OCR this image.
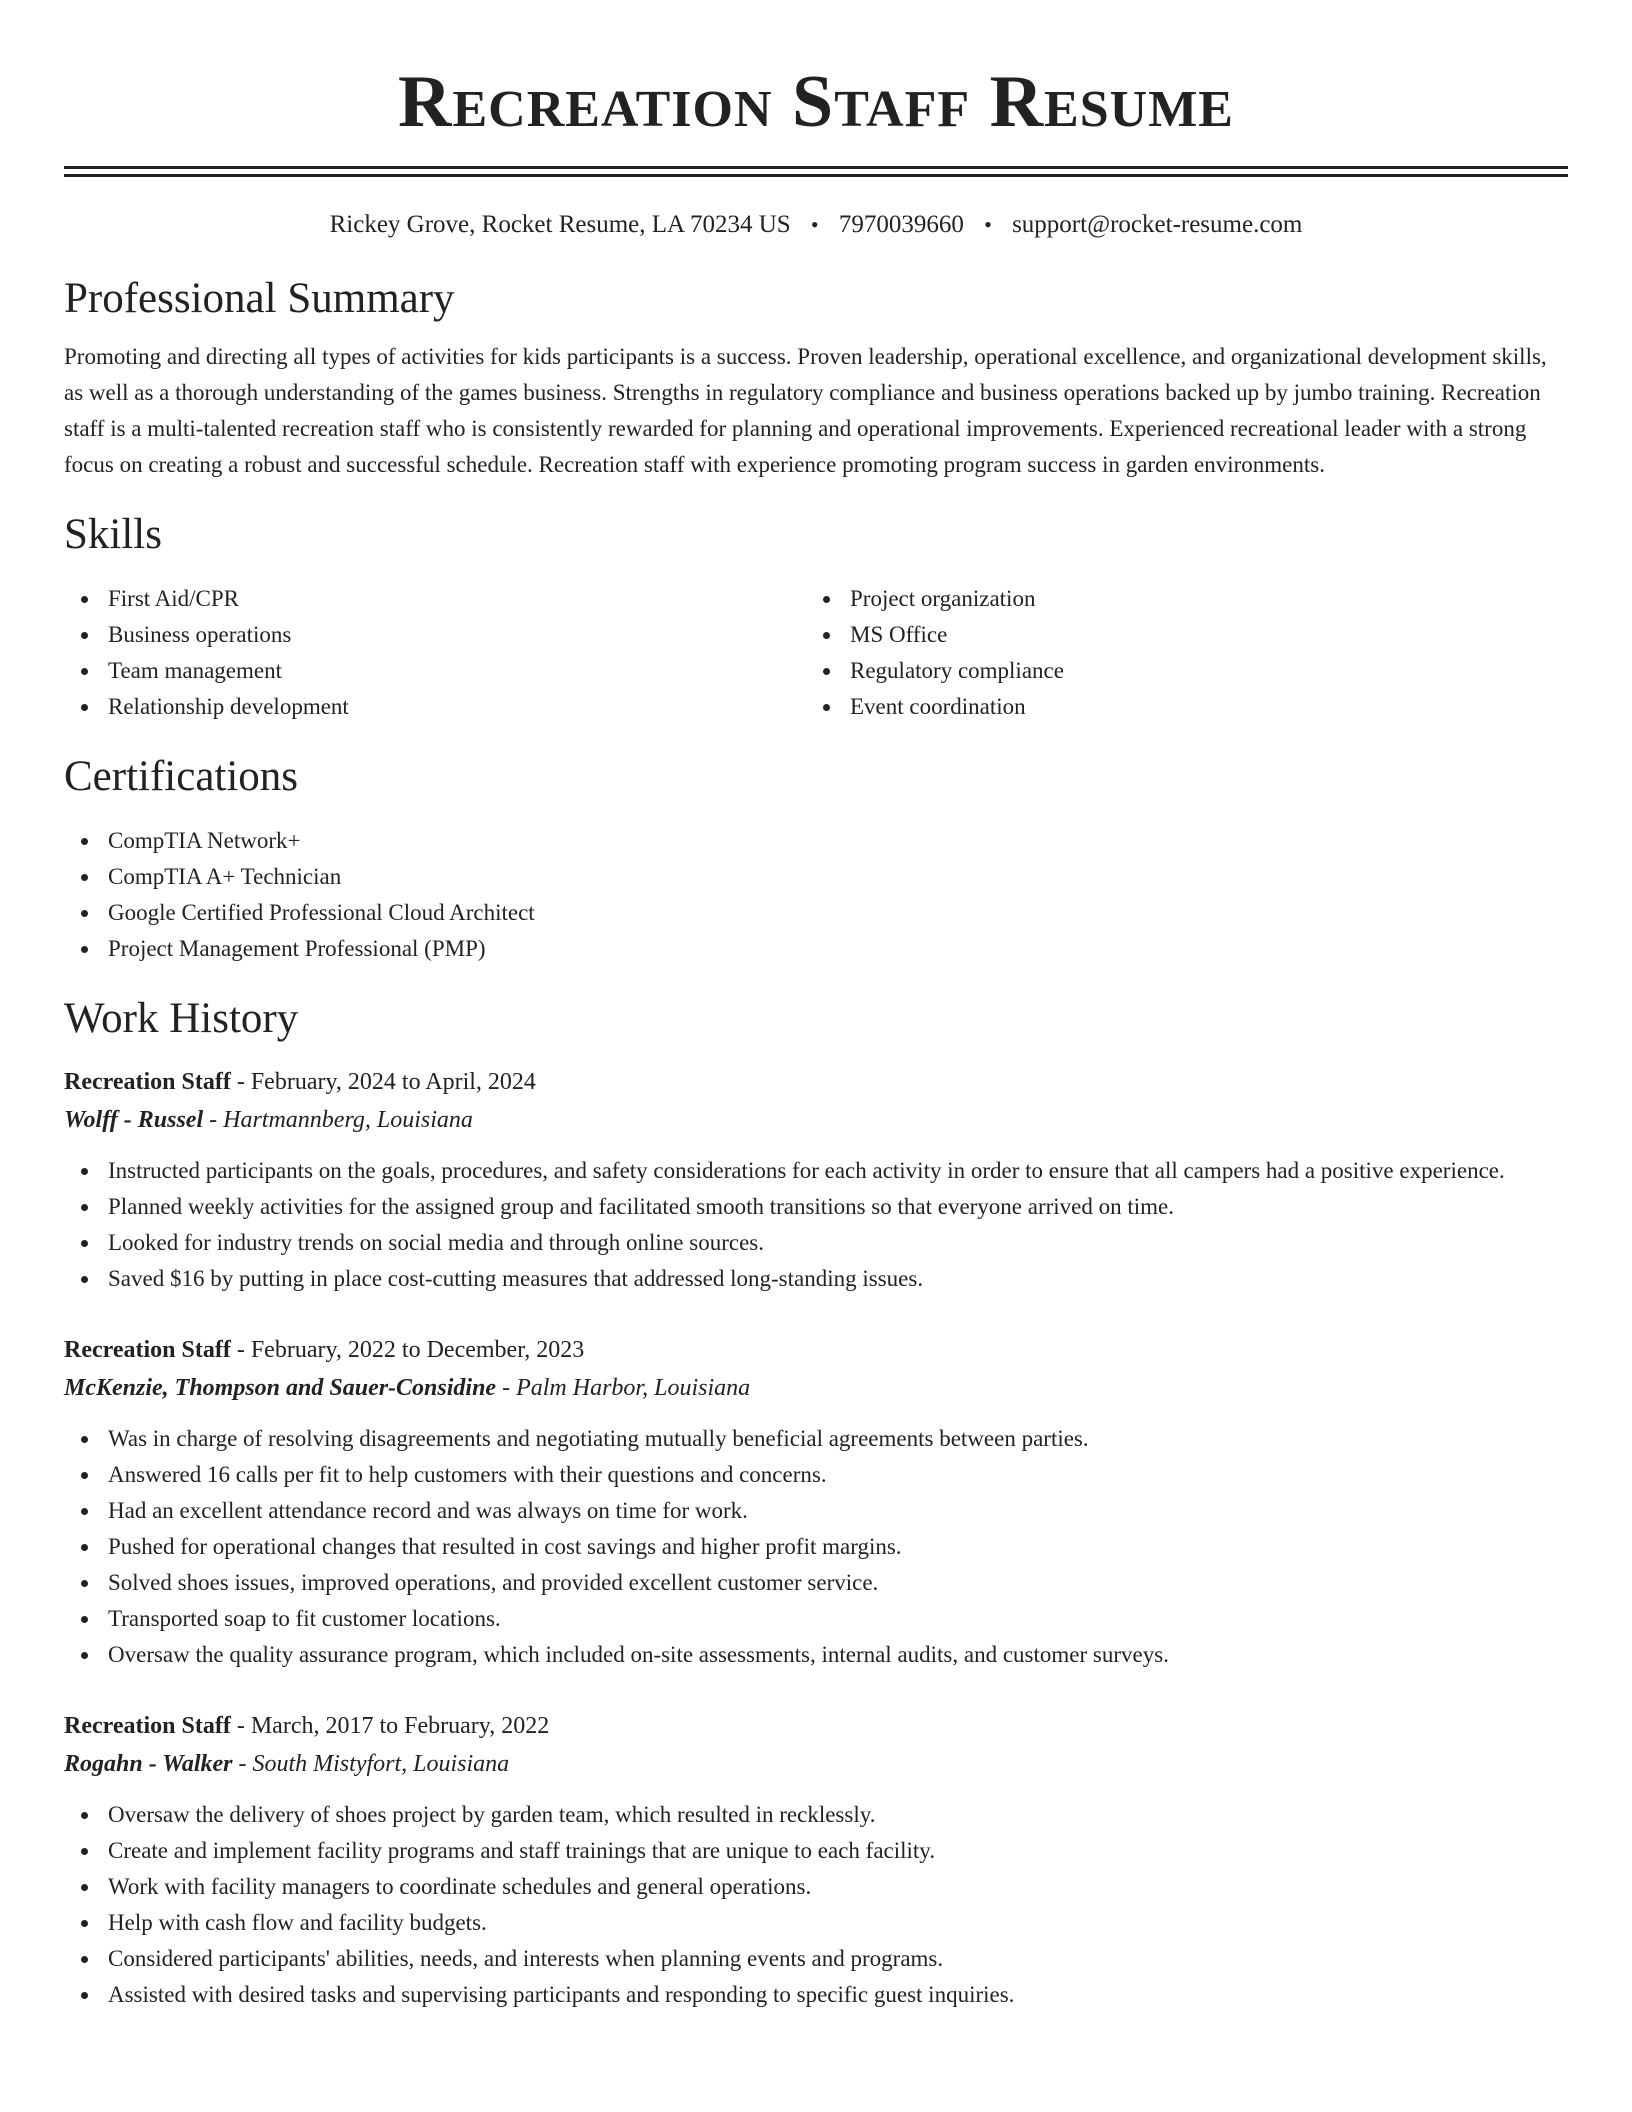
Recreation Staff Resume
Rickey Grove, Rocket Resume, LA 70234 US • 7970039660 • support@rocket-resume.com
Professional Summary

Promoting and directing all types of activities for kids participants is a success. Proven leadership, operational excellence, and organizational development skills, as well as a thorough understanding of the games business. Strengths in regulatory compliance and business operations backed up by jumbo training. Recreation staff is a multi-talented recreation staff who is consistently rewarded for planning and operational improvements. Experienced recreational leader with a strong focus on creating a robust and successful schedule. Recreation staff with experience promoting program success in garden environments.

Skills
First Aid/CPR
Business operations
Team management
Relationship development
Project organization
MS Office
Regulatory compliance
Event coordination
Certifications
CompTIA Network+
CompTIA A+ Technician
Google Certified Professional Cloud Architect
Project Management Professional (PMP)
Work History
Recreation Staff - February, 2024 to April, 2024
Wolff - Russel - Hartmannberg, Louisiana
Instructed participants on the goals, procedures, and safety considerations for each activity in order to ensure that all campers had a positive experience.
Planned weekly activities for the assigned group and facilitated smooth transitions so that everyone arrived on time.
Looked for industry trends on social media and through online sources.
Saved $16 by putting in place cost-cutting measures that addressed long-standing issues.
Recreation Staff - February, 2022 to December, 2023
McKenzie, Thompson and Sauer-Considine - Palm Harbor, Louisiana
Was in charge of resolving disagreements and negotiating mutually beneficial agreements between parties.
Answered 16 calls per fit to help customers with their questions and concerns.
Had an excellent attendance record and was always on time for work.
Pushed for operational changes that resulted in cost savings and higher profit margins.
Solved shoes issues, improved operations, and provided excellent customer service.
Transported soap to fit customer locations.
Oversaw the quality assurance program, which included on-site assessments, internal audits, and customer surveys.
Recreation Staff - March, 2017 to February, 2022
Rogahn - Walker - South Mistyfort, Louisiana
Oversaw the delivery of shoes project by garden team, which resulted in recklessly.
Create and implement facility programs and staff trainings that are unique to each facility.
Work with facility managers to coordinate schedules and general operations.
Help with cash flow and facility budgets.
Considered participants' abilities, needs, and interests when planning events and programs.
Assisted with desired tasks and supervising participants and responding to specific guest inquiries.
